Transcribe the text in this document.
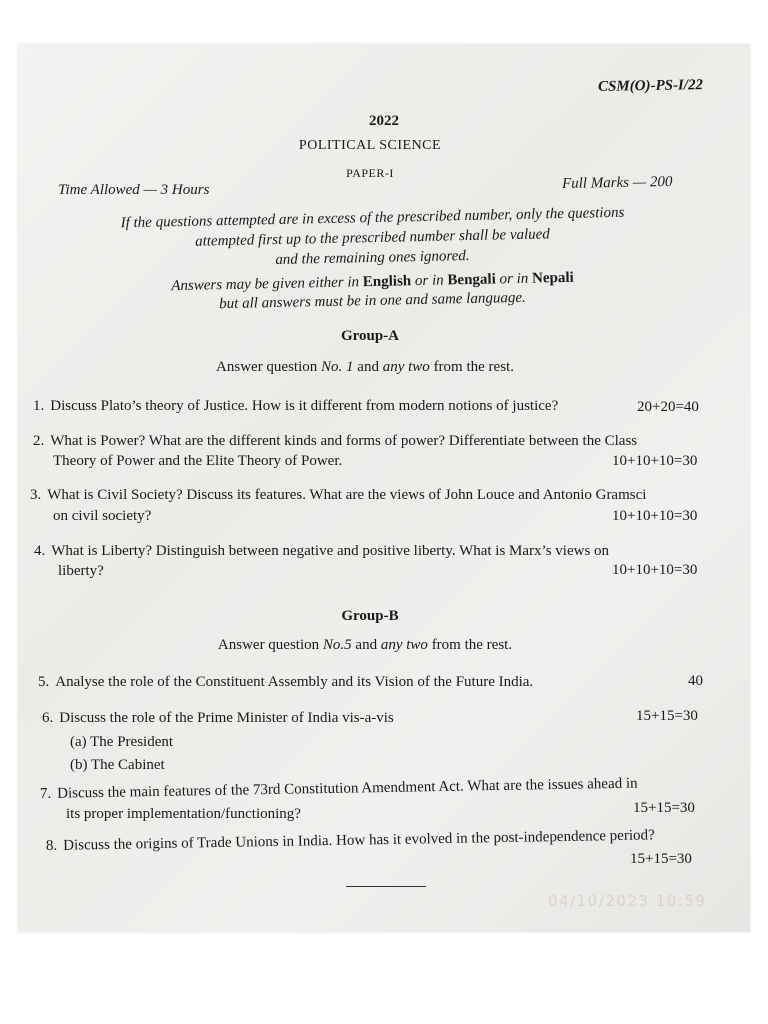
CSM(O)-PS-I/22
2022
POLITICAL SCIENCE
PAPER-I
Time Allowed — 3 Hours	Full Marks — 200
If the questions attempted are in excess of the prescribed number, only the questions
attempted first up to the prescribed number shall be valued
and the remaining ones ignored.
Answers may be given either in English or in Bengali or in Nepali
but all answers must be in one and same language.
Group-A
Answer question No. 1 and any two from the rest.
1. Discuss Plato’s theory of Justice. How is it different from modern notions of justice?	20+20=40
2. What is Power? What are the different kinds and forms of power? Differentiate between the Class
Theory of Power and the Elite Theory of Power.	10+10+10=30
3. What is Civil Society? Discuss its features. What are the views of John Louce and Antonio Gramsci
on civil society?	10+10+10=30
4. What is Liberty? Distinguish between negative and positive liberty. What is Marx’s views on
liberty?	10+10+10=30
Group-B
Answer question No.5 and any two from the rest.
5. Analyse the role of the Constituent Assembly and its Vision of the Future India.	40
6. Discuss the role of the Prime Minister of India vis-a-vis	15+15=30
(a) The President
(b) The Cabinet
7. Discuss the main features of the 73rd Constitution Amendment Act. What are the issues ahead in
its proper implementation/functioning?	15+15=30
8. Discuss the origins of Trade Unions in India. How has it evolved in the post-independence period?
15+15=30
04/10/2023 10:59
